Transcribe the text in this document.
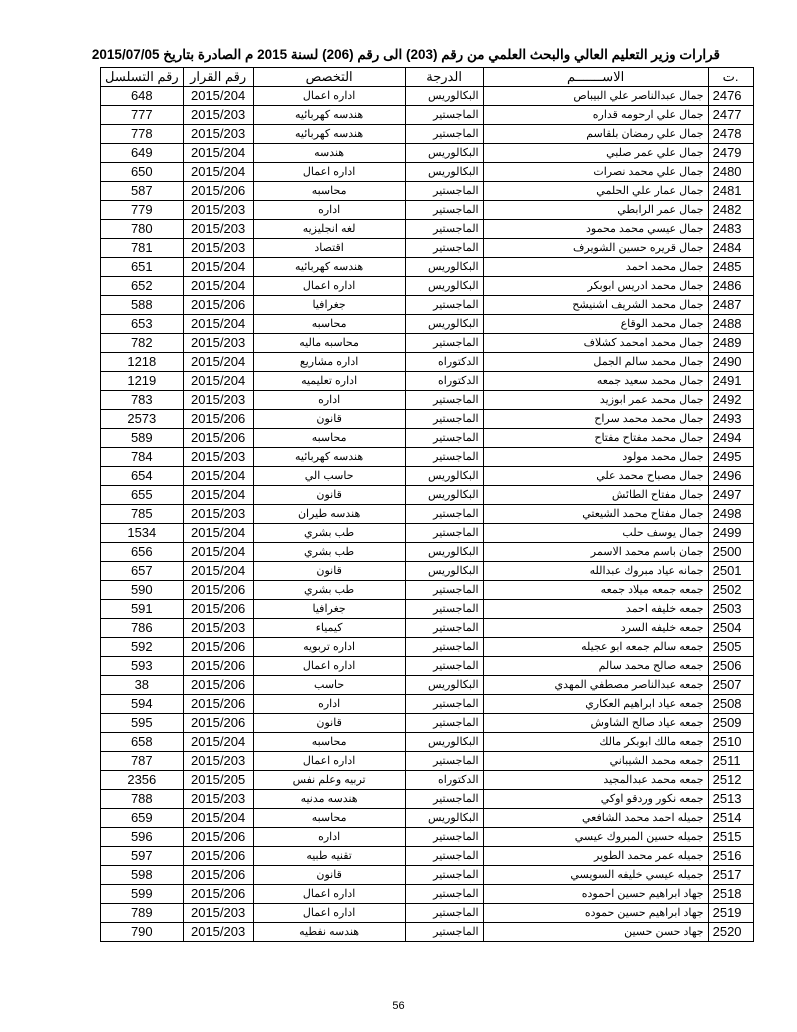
قرارات وزير التعليم العالي والبحث العلمي من رقم (203) الى رقم (206) لسنة 2015 م الصادرة بتاريخ 2015/07/05
رقم التسلسل	رقم القرار	التخصص	الدرجة	الاســـــــم	ت.
648	2015/204	اداره اعمال	البكالوريس	جمال عبدالناصر علي البيباص	2476
777	2015/203	هندسه كهربائيه	الماجستير	جمال علي ارحومه قداره	2477
778	2015/203	هندسه كهربائيه	الماجستير	جمال علي رمضان بلقاسم	2478
649	2015/204	هندسه	البكالوريس	جمال علي عمر صلبي	2479
650	2015/204	اداره اعمال	البكالوريس	جمال علي محمد نصرات	2480
587	2015/206	محاسبه	الماجستير	جمال عمار علي الحلمي	2481
779	2015/203	اداره	الماجستير	جمال عمر الرابطي	2482
780	2015/203	لغه انجليزيه	الماجستير	جمال عيسي محمد محمود	2483
781	2015/203	اقتصاد	الماجستير	جمال قريره حسين الشويرف	2484
651	2015/204	هندسه كهربائيه	البكالوريس	جمال محمد احمد	2485
652	2015/204	اداره اعمال	البكالوريس	جمال محمد ادريس ابوبكر	2486
588	2015/206	جغرافيا	الماجستير	جمال محمد الشريف اشنيشح	2487
653	2015/204	محاسبه	البكالوريس	جمال محمد الوقاع	2488
782	2015/203	محاسبه ماليه	الماجستير	جمال محمد امحمد كشلاف	2489
1218	2015/204	اداره مشاريع	الدكتوراه	جمال محمد سالم الجمل	2490
1219	2015/204	اداره تعليميه	الدكتوراه	جمال محمد سعيد جمعه	2491
783	2015/203	اداره	الماجستير	جمال محمد عمر ابوزيد	2492
2573	2015/206	قانون	الماجستير	جمال محمد محمد سراح	2493
589	2015/206	محاسبه	الماجستير	جمال محمد مفتاح مفتاح	2494
784	2015/203	هندسه كهربائيه	الماجستير	جمال محمد مولود	2495
654	2015/204	حاسب الي	البكالوريس	جمال مصباح محمد علي	2496
655	2015/204	قانون	البكالوريس	جمال مفتاح الطائش	2497
785	2015/203	هندسه طيران	الماجستير	جمال مفتاح محمد الشيعتي	2498
1534	2015/204	طب بشري	الماجستير	جمال يوسف حلب	2499
656	2015/204	طب بشري	البكالوريس	جمان باسم محمد الاسمر	2500
657	2015/204	قانون	البكالوريس	جمانه عياد مبروك عبدالله	2501
590	2015/206	طب بشري	الماجستير	جمعه جمعه ميلاد جمعه	2502
591	2015/206	جغرافيا	الماجستير	جمعه خليفه احمد	2503
786	2015/203	كيمياء	الماجستير	جمعه خليفه السرد	2504
592	2015/206	اداره تربويه	الماجستير	جمعه سالم جمعه ابو عجيله	2505
593	2015/206	اداره اعمال	الماجستير	جمعه صالح محمد سالم	2506
38	2015/206	حاسب	البكالوريس	جمعه عبدالناصر مصطفي المهدي	2507
594	2015/206	اداره	الماجستير	جمعه عياد ابراهيم العكاري	2508
595	2015/206	قانون	الماجستير	جمعه عياد صالح الشاوش	2509
658	2015/204	محاسبه	البكالوريس	جمعه مالك ابوبكر مالك	2510
787	2015/203	اداره اعمال	الماجستير	جمعه محمد الشيباني	2511
2356	2015/205	تربيه وعلم نفس	الدكتوراه	جمعه محمد عبدالمجيد	2512
788	2015/203	هندسه مدنيه	الماجستير	جمعه نكور وردقو اوكي	2513
659	2015/204	محاسبه	البكالوريس	جميله احمد محمد الشافعي	2514
596	2015/206	اداره	الماجستير	جميله حسين المبروك عيسي	2515
597	2015/206	تقنيه طبيه	الماجستير	جميله عمر محمد الطوير	2516
598	2015/206	قانون	الماجستير	جميله عيسي خليفه السويسي	2517
599	2015/206	اداره اعمال	الماجستير	جهاد ابراهيم حسين احموده	2518
789	2015/203	اداره اعمال	الماجستير	جهاد ابراهيم حسين حموده	2519
790	2015/203	هندسه نفطيه	الماجستير	جهاد حسن حسين	2520
56
